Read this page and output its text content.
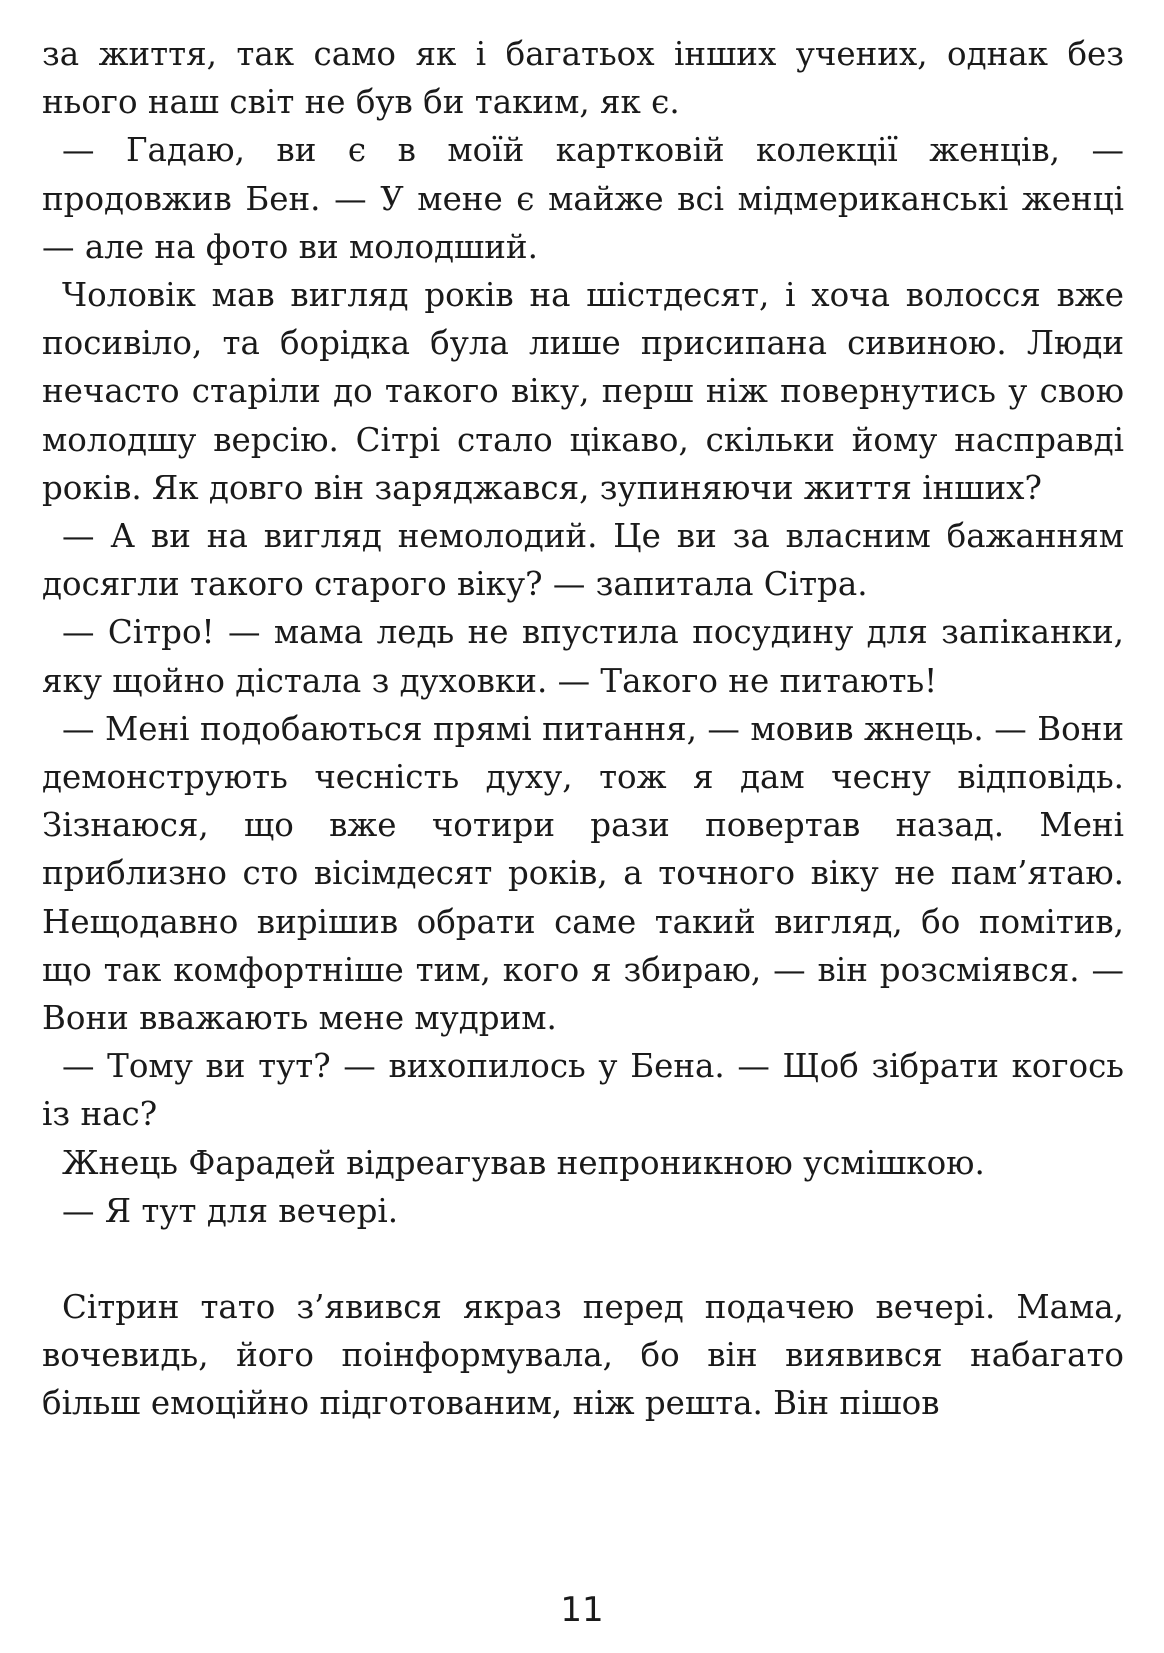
за життя, так само як і багатьох інших учених, однак без нього наш світ не був би таким, як є.

— Гадаю, ви є в моїй картковій колекції женців, — продовжив Бен. — У мене є майже всі мідмериканські женці — але на фото ви молодший.

Чоловік мав вигляд років на шістдесят, і хоча волосся вже посивіло, та борідка була лише присипана сивиною. Люди нечасто старіли до такого віку, перш ніж повернутись у свою молодшу версію. Сітрі стало цікаво, скільки йому насправді років. Як довго він заряджався, зупиняючи життя інших?

— А ви на вигляд немолодий. Це ви за власним бажанням досягли такого старого віку? — запитала Сітра.

— Сітро! — мама ледь не впустила посудину для запіканки, яку щойно дістала з духовки. — Такого не питають!

— Мені подобаються прямі питання, — мовив жнець. — Вони демонструють чесність духу, тож я дам чесну відповідь. Зізнаюся, що вже чотири рази повертав назад. Мені приблизно сто вісімдесят років, а точного віку не пам’ятаю. Нещодавно вирішив обрати саме такий вигляд, бо помітив, що так комфортніше тим, кого я збираю, — він розсміявся. — Вони вважають мене мудрим.

— Тому ви тут? — вихопилось у Бена. — Щоб зібрати когось із нас?

Жнець Фарадей відреагував непроникною усмішкою.

— Я тут для вечері.

Сітрин тато з’явився якраз перед подачею вечері. Мама, вочевидь, його поінформувала, бо він виявився набагато більш емоційно підготованим, ніж решта. Він пішов

11
